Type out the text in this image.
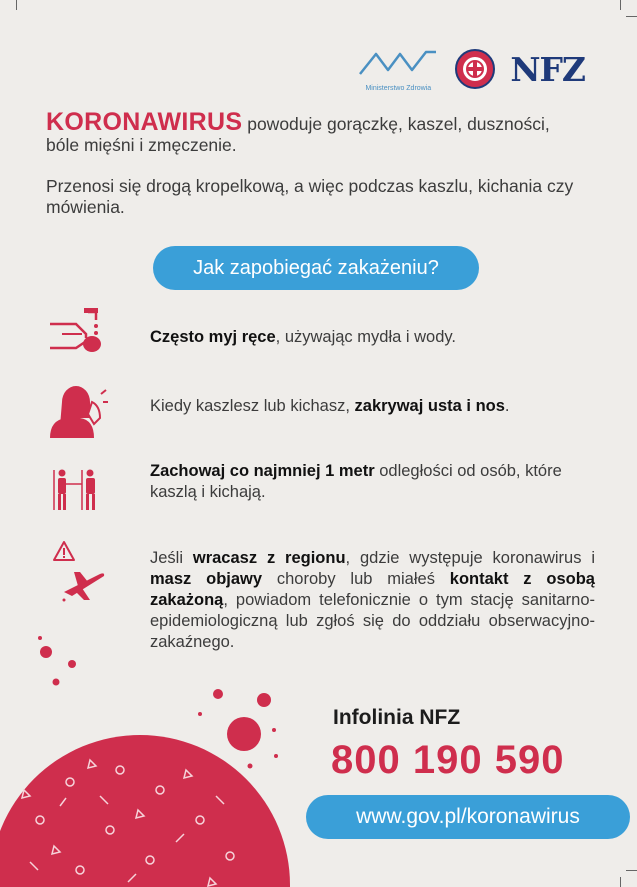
Ministerstwo Zdrowia NFZ

KORONAWIRUS powoduje gorączkę, kaszel, duszności, bóle mięśni i zmęczenie.

Przenosi się drogą kropelkową, a więc podczas kaszlu, kichania czy mówienia.

Jak zapobiegać zakażeniu?
Często myj ręce, używając mydła i wody.
Kiedy kaszlesz lub kichasz, zakrywaj usta i nos.
Zachowaj co najmniej 1 metr odległości od osób, które kaszlą i kichają.
Jeśli wracasz z regionu, gdzie występuje koronawirus i masz objawy choroby lub miałeś kontakt z osobą zakażoną, powiadom telefonicznie o tym stację sanitarno-epidemiologiczną lub zgłoś się do oddziału obserwacyjno-zakaźnego.
Infolinia NFZ
800 190 590
www.gov.pl/koronawirus
